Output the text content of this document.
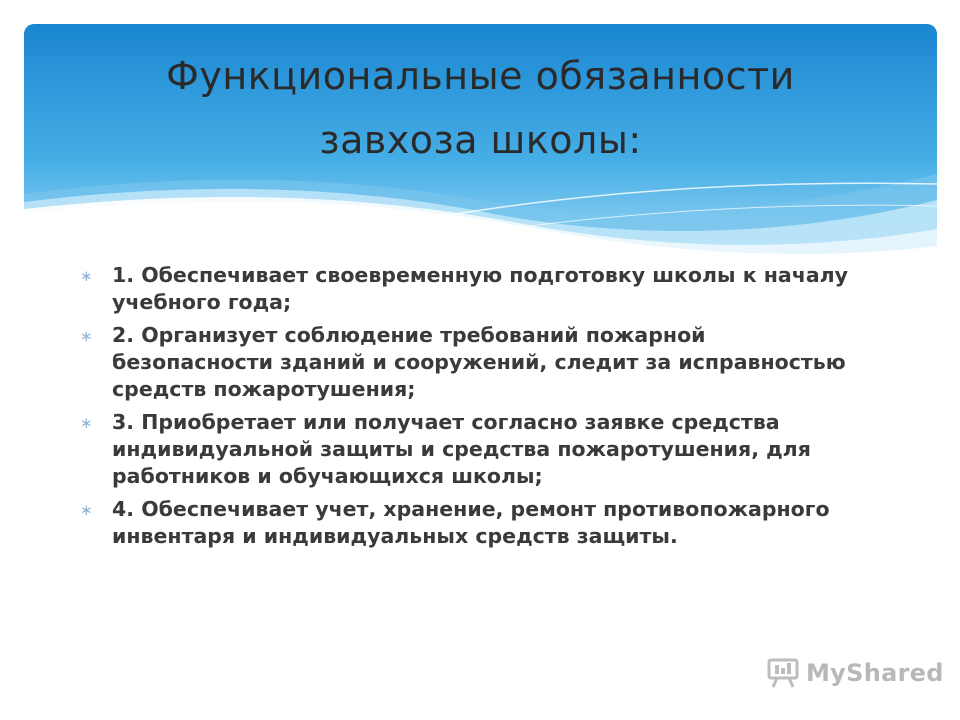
Функциональные обязанности
завхоза школы:
∗ 1. Обеспечивает своевременную подготовку школы к началу учебного года;
∗ 2. Организует соблюдение требований пожарной безопасности зданий и сооружений, следит за исправностью средств пожаротушения;
∗ 3. Приобретает или получает согласно заявке средства индивидуальной защиты и средства пожаротушения, для работников и обучающихся школы;
∗ 4. Обеспечивает учет, хранение, ремонт противопожарного инвентаря и индивидуальных средств защиты.
MyShared
